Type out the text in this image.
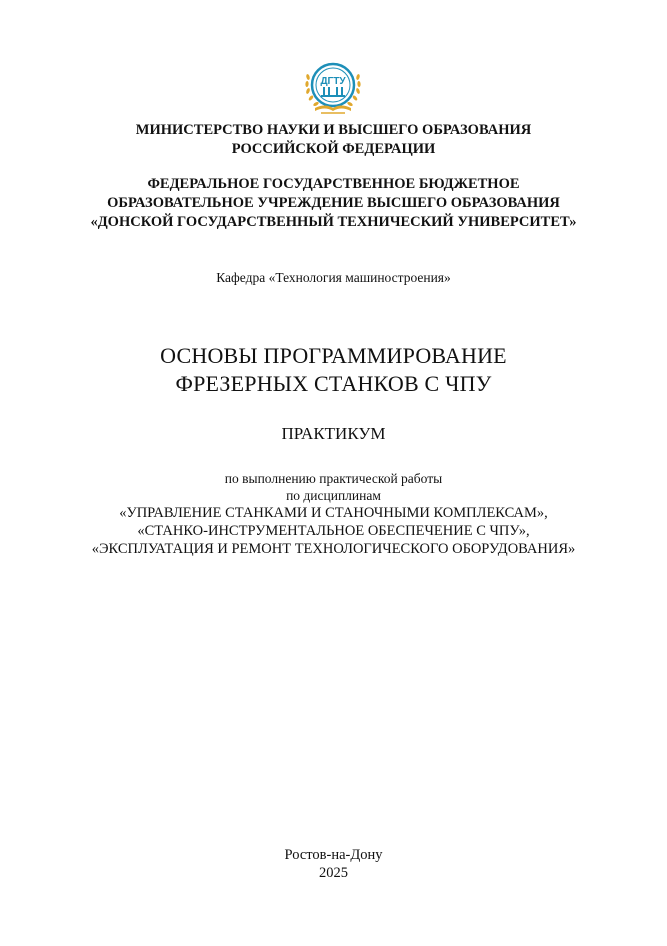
ДГТУ
МИНИСТЕРСТВО НАУКИ И ВЫСШЕГО ОБРАЗОВАНИЯ
РОССИЙСКОЙ ФЕДЕРАЦИИ
ФЕДЕРАЛЬНОЕ ГОСУДАРСТВЕННОЕ БЮДЖЕТНОЕ
ОБРАЗОВАТЕЛЬНОЕ УЧРЕЖДЕНИЕ ВЫСШЕГО ОБРАЗОВАНИЯ
«ДОНСКОЙ ГОСУДАРСТВЕННЫЙ ТЕХНИЧЕСКИЙ УНИВЕРСИТЕТ»
Кафедра «Технология машиностроения»
ОСНОВЫ ПРОГРАММИРОВАНИЕ
ФРЕЗЕРНЫХ СТАНКОВ С ЧПУ
ПРАКТИКУМ
по выполнению практической работы
по дисциплинам
«УПРАВЛЕНИЕ СТАНКАМИ И СТАНОЧНЫМИ КОМПЛЕКСАМ»,
«СТАНКО-ИНСТРУМЕНТАЛЬНОЕ ОБЕСПЕЧЕНИЕ С ЧПУ»,
«ЭКСПЛУАТАЦИЯ И РЕМОНТ ТЕХНОЛОГИЧЕСКОГО ОБОРУДОВАНИЯ»
Ростов-на-Дону
2025
